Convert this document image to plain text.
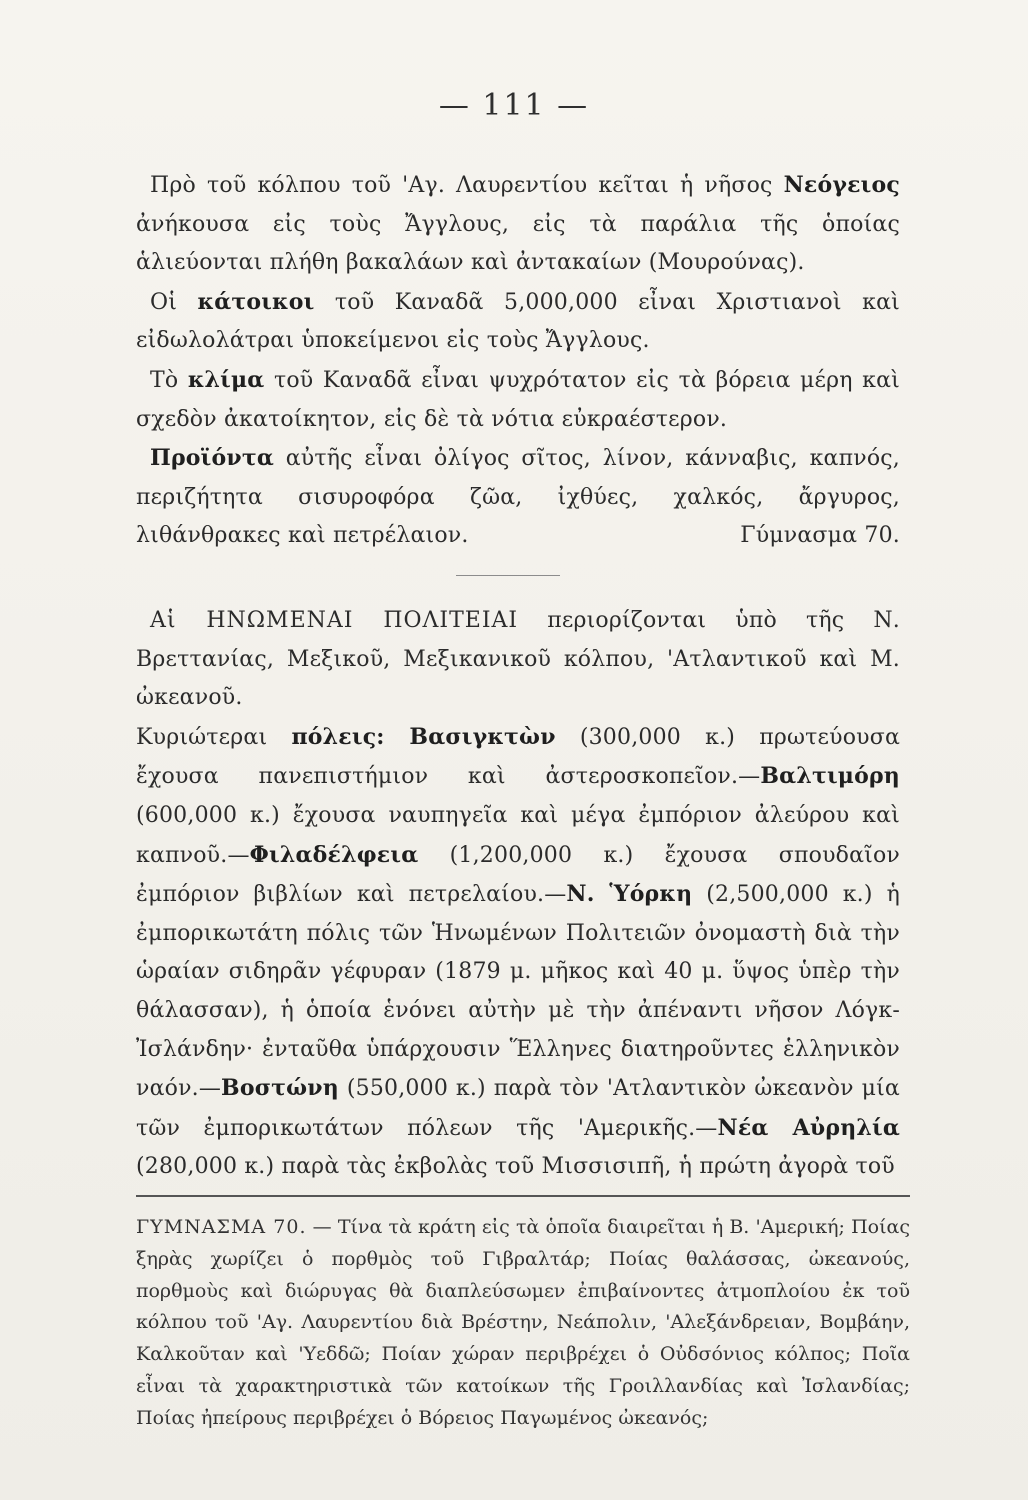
— 111 —

Πρὸ τοῦ κόλπου τοῦ 'Αγ. Λαυρεντίου κεῖται ἡ νῆσος Νεόγειος ἀνήκουσα εἰς τοὺς Ἄγγλους, εἰς τὰ παράλια τῆς ὁποίας ἁλιεύονται πλήθη βακαλάων καὶ ἀντακαίων (Μουρούνας).

Οἱ κάτοικοι τοῦ Καναδᾶ 5,000,000 εἶναι Χριστιανοὶ καὶ εἰδωλολάτραι ὑποκείμενοι εἰς τοὺς Ἄγγλους.

Τὸ κλίμα τοῦ Καναδᾶ εἶναι ψυχρότατον εἰς τὰ βόρεια μέρη καὶ σχεδὸν ἀκατοίκητον, εἰς δὲ τὰ νότια εὐκραέστερον.

Προϊόντα αὐτῆς εἶναι ὀλίγος σῖτος, λίνον, κάνναβις, καπνός, περιζήτητα σισυροφόρα ζῶα, ἰχθύες, χαλκός, ἄργυρος, λιθάνθρακες καὶ πετρέλαιον.	Γύμνασμα 70.

Αἱ ΗΝΩΜΕΝΑΙ ΠΟΛΙΤΕΙΑΙ περιορίζονται ὑπὸ τῆς Ν. Βρεττανίας, Μεξικοῦ, Μεξικανικοῦ κόλπου, 'Ατλαντικοῦ καὶ Μ. ὠκεανοῦ.

Κυριώτεραι πόλεις: Βασιγκτὼν (300,000 κ.) πρωτεύουσα ἔχουσα πανεπιστήμιον καὶ ἀστεροσκοπεῖον.—Βαλτιμόρη (600,000 κ.) ἔχουσα ναυπηγεῖα καὶ μέγα ἐμπόριον ἀλεύρου καὶ καπνοῦ.—Φιλαδέλφεια (1,200,000 κ.) ἔχουσα σπουδαῖον ἐμπόριον βιβλίων καὶ πετρελαίου.—Ν. Ὑόρκη (2,500,000 κ.) ἡ ἐμπορικωτάτη πόλις τῶν Ἡνωμένων Πολιτειῶν ὀνομαστὴ διὰ τὴν ὡραίαν σιδηρᾶν γέφυραν (1879 μ. μῆκος καὶ 40 μ. ὕψος ὑπὲρ τὴν θάλασσαν), ἡ ὁποία ἑνόνει αὐτὴν μὲ τὴν ἀπέναντι νῆσον Λόγκ-Ἰσλάνδην· ἐνταῦθα ὑπάρχουσιν Ἕλληνες διατηροῦντες ἑλληνικὸν ναόν.—Βοστώνη (550,000 κ.) παρὰ τὸν 'Ατλαντικὸν ὠκεανὸν μία τῶν ἐμπορικωτάτων πόλεων τῆς 'Αμερικῆς.—Νέα Αὐρηλία (280,000 κ.) παρὰ τὰς ἐκβολὰς τοῦ Μισσισιπῆ, ἡ πρώτη ἀγορὰ τοῦ

ΓΥΜΝΑΣΜΑ 70. — Τίνα τὰ κράτη εἰς τὰ ὁποῖα διαιρεῖται ἡ Β. 'Αμερική; Ποίας ξηρὰς χωρίζει ὁ πορθμὸς τοῦ Γιβραλτάρ; Ποίας θαλάσσας, ὠκεανούς, πορθμοὺς καὶ διώρυγας θὰ διαπλεύσωμεν ἐπιβαίνοντες ἀτμοπλοίου ἐκ τοῦ κόλπου τοῦ 'Αγ. Λαυρεντίου διὰ Βρέστην, Νεάπολιν, 'Αλεξάνδρειαν, Βομβάην, Καλκοῦταν καὶ 'Υεδδῶ; Ποίαν χώραν περιβρέχει ὁ Οὐδσόνιος κόλπος; Ποῖα εἶναι τὰ χαρακτηριστικὰ τῶν κατοίκων τῆς Γροιλλανδίας καὶ Ἰσλανδίας; Ποίας ἠπείρους περιβρέχει ὁ Βόρειος Παγωμένος ὠκεανός;
